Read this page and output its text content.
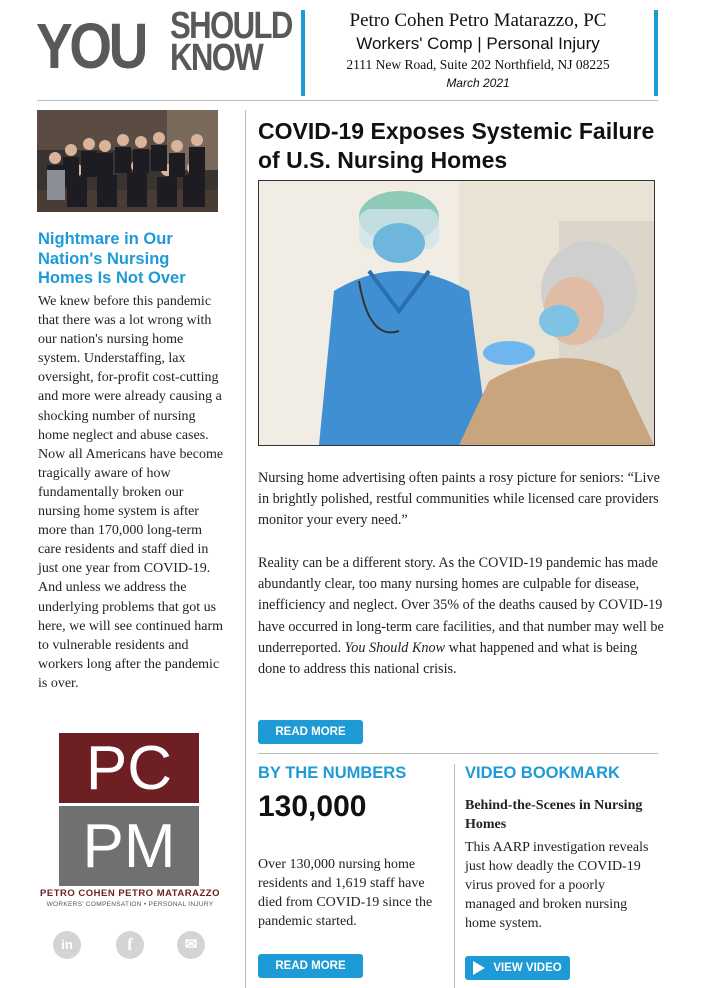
YOU SHOULD
KNOW
Petro Cohen Petro Matarazzo, PC
Workers' Comp | Personal Injury
2111 New Road, Suite 202 Northfield, NJ 08225
March 2021
Nightmare in Our Nation's Nursing Homes Is Not Over
We knew before this pandemic that there was a lot wrong with our nation's nursing home system. Understaffing, lax oversight, for-profit cost-cutting and more were already causing a shocking number of nursing home neglect and abuse cases. Now all Americans have become tragically aware of how fundamentally broken our nursing home system is after more than 170,000 long-term care residents and staff died in just one year from COVID-19. And unless we address the underlying problems that got us here, we will see continued harm to vulnerable residents and workers long after the pandemic is over.
PC
PM
PETRO COHEN PETRO MATARAZZO
WORKERS' COMPENSATION • PERSONAL INJURY
in	f	✉
COVID-19 Exposes Systemic Failure of U.S. Nursing Homes
Nursing home advertising often paints a rosy picture for seniors: “Live in brightly polished, restful communities while licensed care providers monitor your every need.”
Reality can be a different story. As the COVID-19 pandemic has made abundantly clear, too many nursing homes are culpable for disease, inefficiency and neglect. Over 35% of the deaths caused by COVID-19 have occurred in long-term care facilities, and that number may well be underreported. You Should Know what happened and what is being done to address this national crisis.
READ MORE
BY THE NUMBERS
130,000
Over 130,000 nursing home residents and 1,619 staff have died from COVID-19 since the pandemic started.
READ MORE
VIDEO BOOKMARK
Behind-the-Scenes in Nursing Homes
This AARP investigation reveals just how deadly the COVID-19 virus proved for a poorly managed and broken nursing home system.
VIEW VIDEO
